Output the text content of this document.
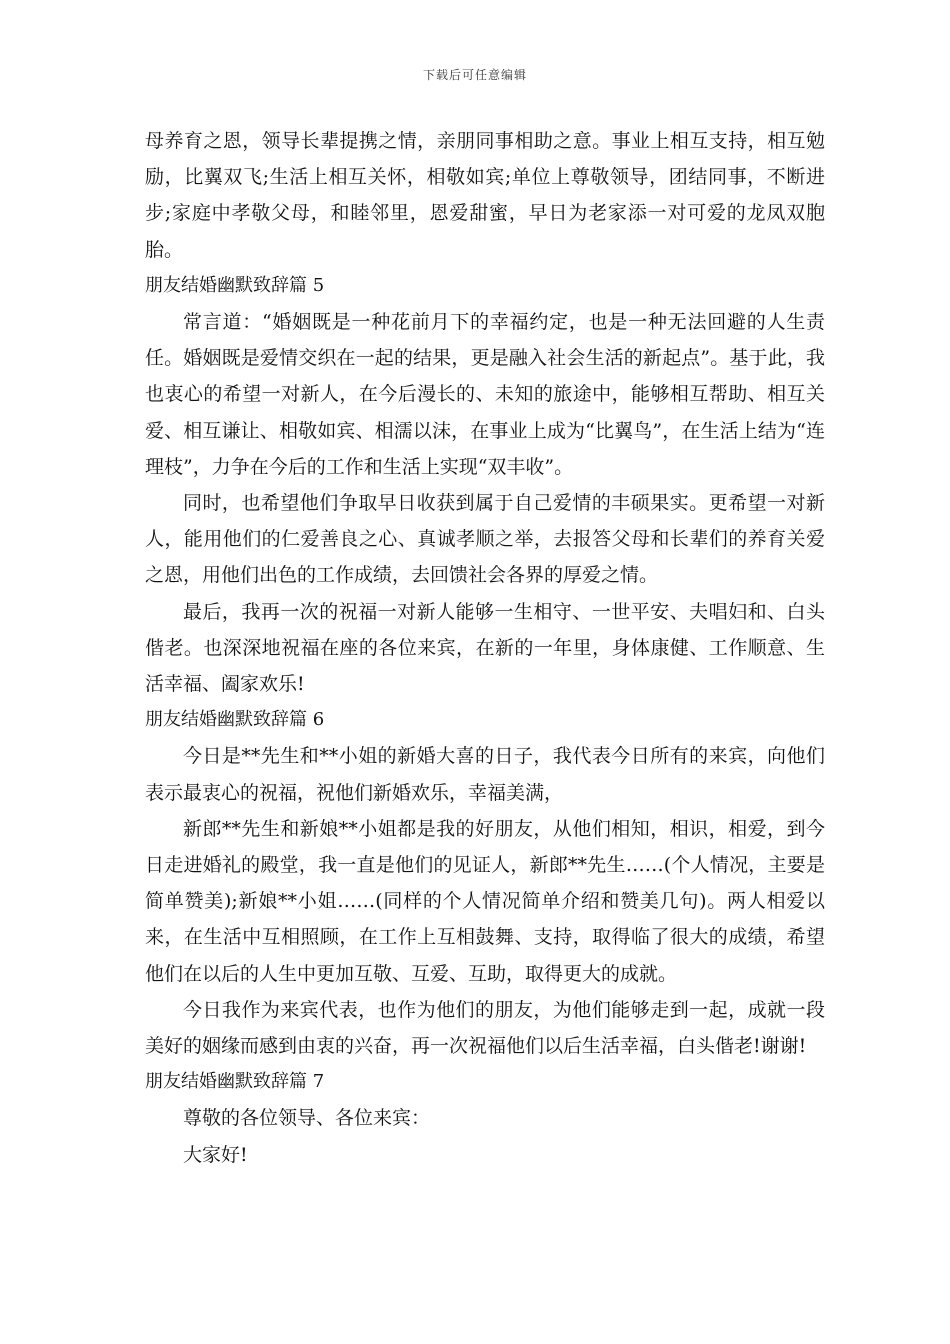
下载后可任意编辑

母养育之恩，领导长辈提携之情，亲朋同事相助之意。事业上相互支持，相互勉励，比翼双飞;生活上相互关怀，相敬如宾;单位上尊敬领导，团结同事，不断进步;家庭中孝敬父母，和睦邻里，恩爱甜蜜，早日为老家添一对可爱的龙凤双胞胎。

朋友结婚幽默致辞篇 5

常言道：“婚姻既是一种花前月下的幸福约定，也是一种无法回避的人生责任。婚姻既是爱情交织在一起的结果，更是融入社会生活的新起点”。基于此，我也衷心的希望一对新人，在今后漫长的、未知的旅途中，能够相互帮助、相互关爱、相互谦让、相敬如宾、相濡以沫，在事业上成为“比翼鸟”，在生活上结为“连理枝”，力争在今后的工作和生活上实现“双丰收”。

同时，也希望他们争取早日收获到属于自己爱情的丰硕果实。更希望一对新人，能用他们的仁爱善良之心、真诚孝顺之举，去报答父母和长辈们的养育关爱之恩，用他们出色的工作成绩，去回馈社会各界的厚爱之情。

最后，我再一次的祝福一对新人能够一生相守、一世平安、夫唱妇和、白头偕老。也深深地祝福在座的各位来宾，在新的一年里，身体康健、工作顺意、生活幸福、阖家欢乐!

朋友结婚幽默致辞篇 6

今日是**先生和**小姐的新婚大喜的日子，我代表今日所有的来宾，向他们表示最衷心的祝福，祝他们新婚欢乐，幸福美满，

新郎**先生和新娘**小姐都是我的好朋友，从他们相知，相识，相爱，到今日走进婚礼的殿堂，我一直是他们的见证人，新郎**先生……(个人情况，主要是简单赞美);新娘**小姐……(同样的个人情况简单介绍和赞美几句)。两人相爱以来，在生活中互相照顾，在工作上互相鼓舞、支持，取得临了很大的成绩，希望他们在以后的人生中更加互敬、互爱、互助，取得更大的成就。

今日我作为来宾代表，也作为他们的朋友，为他们能够走到一起，成就一段美好的姻缘而感到由衷的兴奋，再一次祝福他们以后生活幸福，白头偕老!谢谢!

朋友结婚幽默致辞篇 7

尊敬的各位领导、各位来宾：

大家好!
